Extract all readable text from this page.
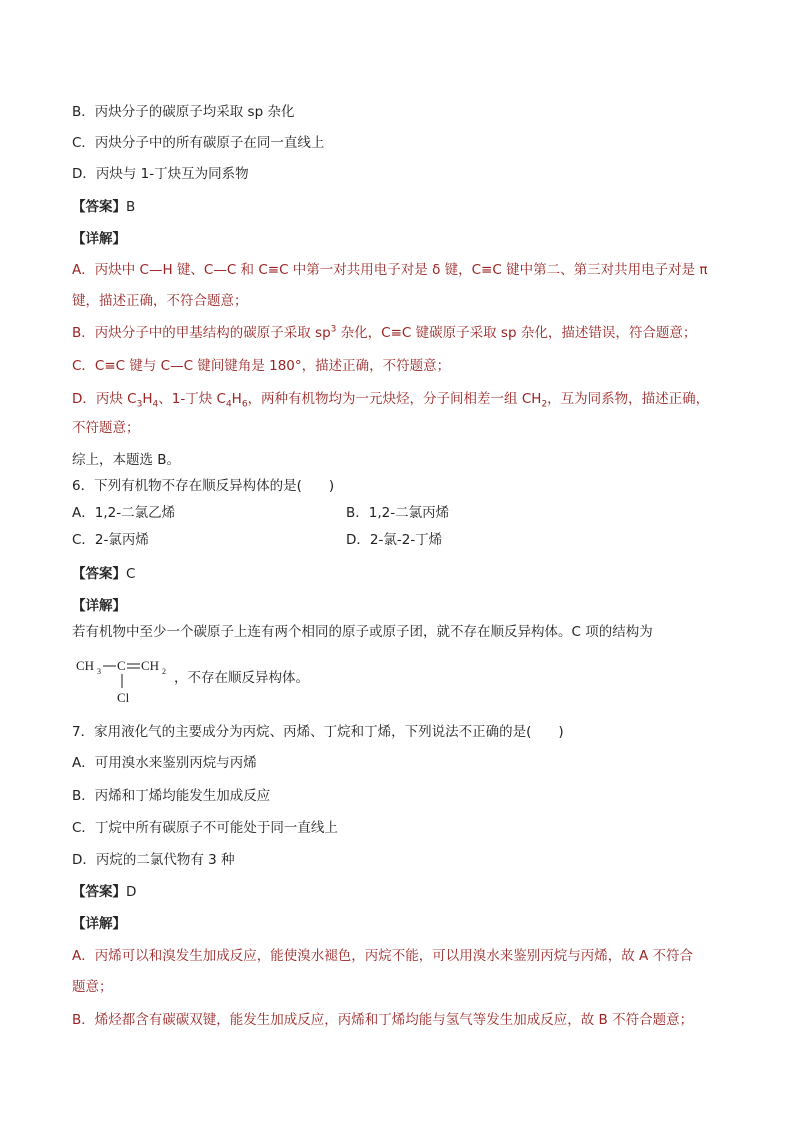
B．丙炔分子的碳原子均采取 sp 杂化
C．丙炔分子中的所有碳原子在同一直线上
D．丙炔与 1-丁炔互为同系物
【答案】B
【详解】
A．丙炔中 C—H 键、C—C 和 C≡C 中第一对共用电子对是 δ 键，C≡C 键中第二、第三对共用电子对是 π
键，描述正确，不符合题意；
B．丙炔分子中的甲基结构的碳原子采取 $sp^3$ 杂化，C≡C 键碳原子采取 sp 杂化，描述错误，符合题意；
C．C≡C 键与 C—C 键间键角是 180°，描述正确，不符题意；
D．丙炔 $C_3H_4$、1-丁炔 $C_4H_6$，两种有机物均为一元炔烃，分子间相差一组 $CH_2$，互为同系物，描述正确，
不符题意；
综上，本题选 B。
6．下列有机物不存在顺反异构体的是(　　)
A．1,2-二氯乙烯	B．1,2-二氯丙烯
C．2-氯丙烯	D．2-氯-2-丁烯
【答案】C
【详解】
若有机物中至少一个碳原子上连有两个相同的原子或原子团，就不存在顺反异构体。C 项的结构为
CH 3 C CH 2
Cl
，不存在顺反异构体。
7．家用液化气的主要成分为丙烷、丙烯、丁烷和丁烯，下列说法不正确的是(　　)
A．可用溴水来鉴别丙烷与丙烯
B．丙烯和丁烯均能发生加成反应
C．丁烷中所有碳原子不可能处于同一直线上
D．丙烷的二氯代物有 3 种
【答案】D
【详解】
A．丙烯可以和溴发生加成反应，能使溴水褪色，丙烷不能，可以用溴水来鉴别丙烷与丙烯，故 A 不符合
题意；
B．烯烃都含有碳碳双键，能发生加成反应，丙烯和丁烯均能与氢气等发生加成反应，故 B 不符合题意；
